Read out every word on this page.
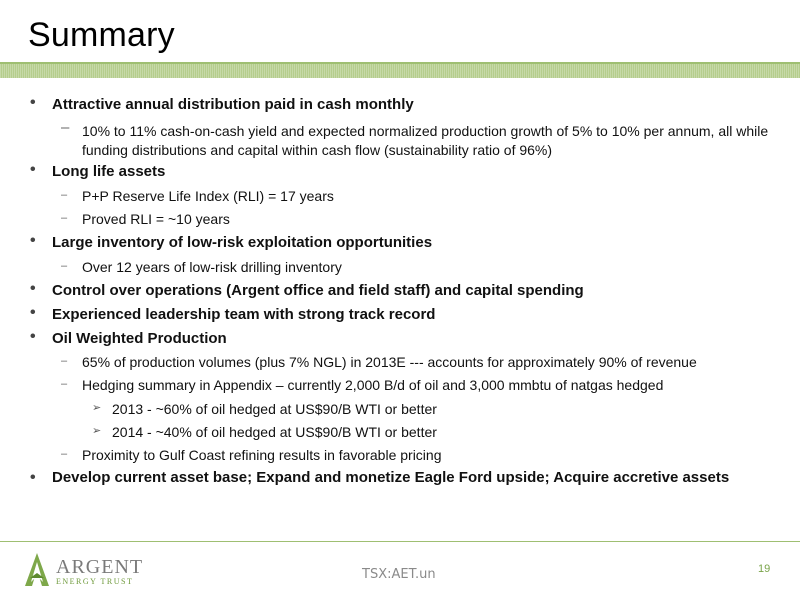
Summary
• Attractive annual distribution paid in cash monthly
– 10% to 11% cash-on-cash yield and expected normalized production growth of 5% to 10% per annum, all while funding distributions and capital within cash flow (sustainability ratio of 96%)
• Long life assets
– P+P Reserve Life Index (RLI) = 17 years
– Proved RLI = ~10 years
• Large inventory of low-risk exploitation opportunities
– Over 12 years of low-risk drilling inventory
• Control over operations (Argent office and field staff) and capital spending
• Experienced leadership team with strong track record
• Oil Weighted Production
– 65% of production volumes (plus 7% NGL) in 2013E --- accounts for approximately 90% of revenue
– Hedging summary in Appendix – currently 2,000 B/d of oil and 3,000 mmbtu of natgas hedged
➢ 2013 - ~60% of oil hedged at US$90/B WTI or better
➢ 2014 - ~40% of oil hedged at US$90/B WTI or better
– Proximity to Gulf Coast refining results in favorable pricing
• Develop current asset base; Expand and monetize Eagle Ford upside; Acquire accretive assets
ARGENT
ENERGY TRUST	TSX:AET.un	19
